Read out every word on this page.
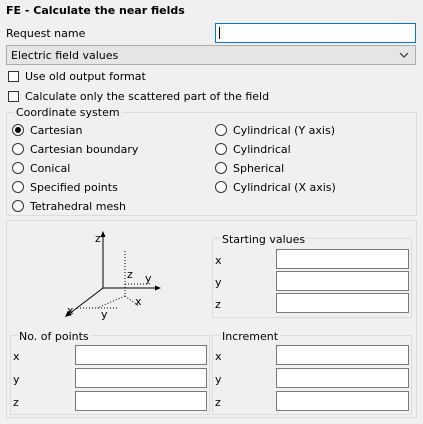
FE - Calculate the near fields
Request name
Electric field values
Use old output format
Calculate only the scattered part of the field
Coordinate system
Cartesian
Cartesian boundary
Conical
Specified points
Tetrahedral mesh
Cylindrical (Y axis)
Cylindrical
Spherical
Cylindrical (X axis)
z
z y
x
x y
Starting values
x
y
z
No. of points
x
y
z
Increment
x
y
z
